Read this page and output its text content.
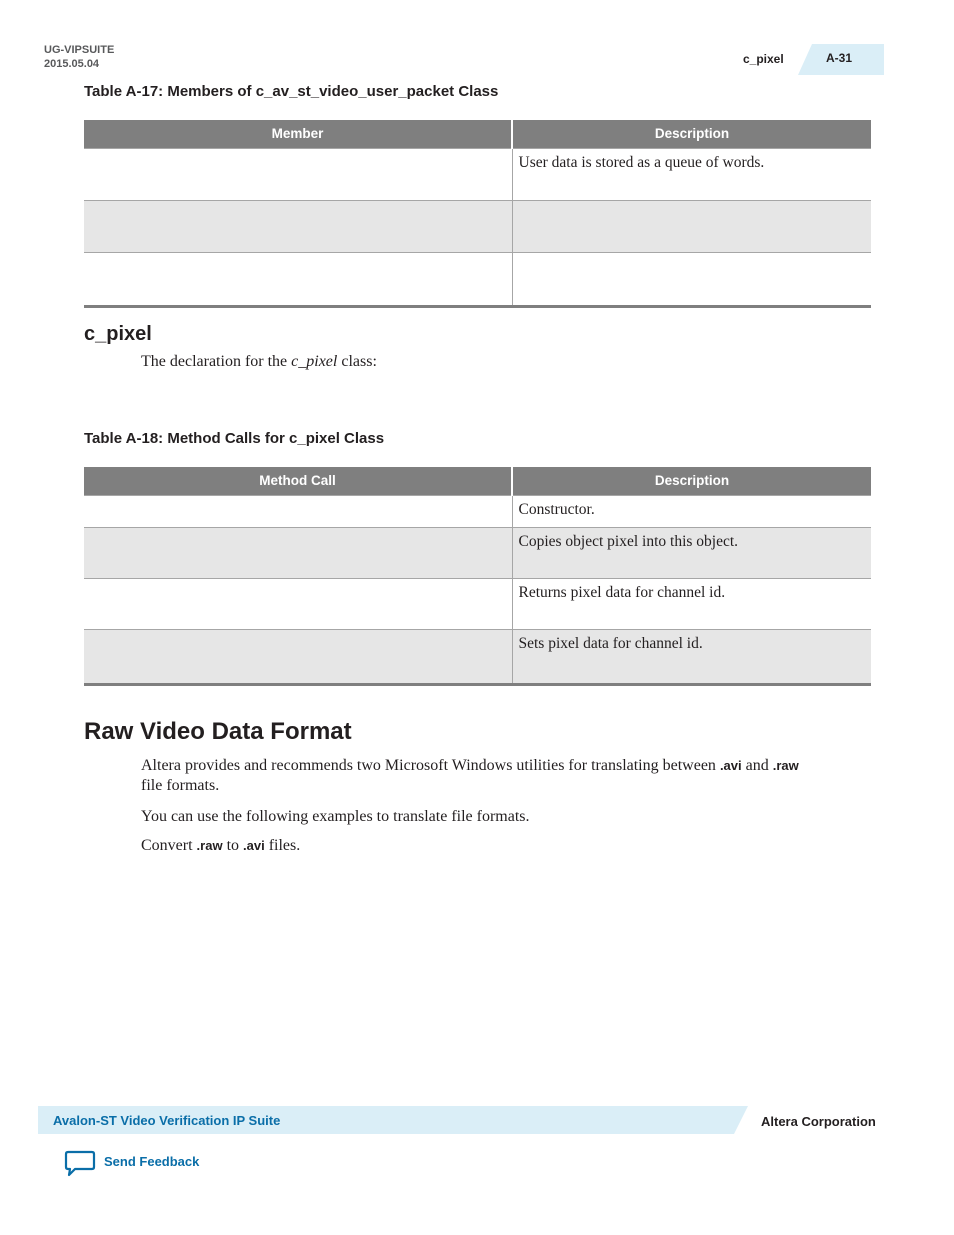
UG-VIPSUITE
2015.05.04	c_pixel	A-31
Table A-17: Members of c_av_st_video_user_packet Class
Member	Description
	User data is stored as a queue of words.

c_pixel
The declaration for the c_pixel class:
Table A-18: Method Calls for c_pixel Class
Method Call	Description
	Constructor.
	Copies object pixel into this object.
	Returns pixel data for channel id.
	Sets pixel data for channel id.
Raw Video Data Format
Altera provides and recommends two Microsoft Windows utilities for translating between .avi and .raw
file formats.
You can use the following examples to translate file formats.
Convert .raw to .avi files.
Avalon-ST Video Verification IP Suite	Altera Corporation
Send Feedback
